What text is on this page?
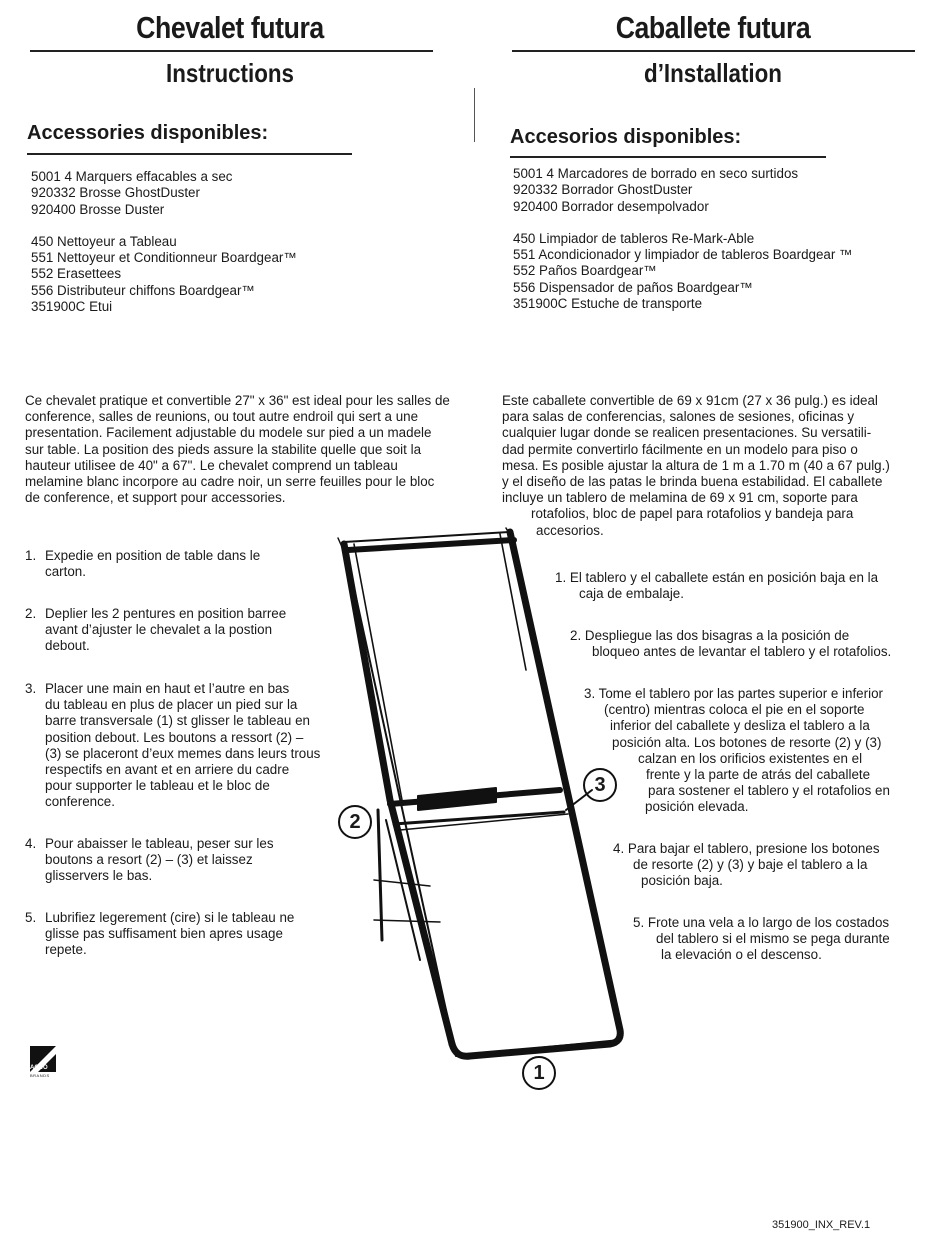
Chevalet futura
Instructions
Caballete futura
d’Installation
Accessories disponibles:
5001 4 Marquers effacables a sec
920332 Brosse GhostDuster
920400 Brosse Duster
450 Nettoyeur a Tableau
551 Nettoyeur et Conditionneur Boardgear™
552 Erasettees
556 Distributeur chiffons Boardgear™
351900C Etui
Accesorios disponibles:
5001 4 Marcadores de borrado en seco surtidos
920332 Borrador GhostDuster
920400 Borrador desempolvador
450 Limpiador de tableros Re-Mark-Able
551 Acondicionador y limpiador de tableros Boardgear ™
552 Paños Boardgear™
556 Dispensador de paños Boardgear™
351900C Estuche de transporte
Ce chevalet pratique et convertible 27" x 36" est ideal pour les salles de conference, salles de reunions, ou tout autre endroil qui sert a une presentation. Facilement adjustable du modele sur pied a un madele sur table. La position des pieds assure la stabilite quelle que soit la hauteur utilisee de 40" a 67". Le chevalet comprend un tableau melamine blanc incorpore au cadre noir, un serre feuilles pour le bloc de conference, et support pour accessories.
Este caballete convertible de 69 x 91cm (27 x 36 pulg.) es ideal
para salas de conferencias, salones de sesiones, oficinas y
cualquier lugar donde se realicen presentaciones. Su versatili-
dad permite convertirlo fácilmente en un modelo para piso o
mesa. Es posible ajustar la altura de 1 m a 1.70 m (40 a 67 pulg.)
y el diseño de las patas le brinda buena estabilidad. El caballete
incluye un tablero de melamina de 69 x 91 cm, soporte para
rotafolios, bloc de papel para rotafolios y bandeja para
accesorios.
1. Expedie en position de table dans le
carton.
2. Deplier les 2 pentures en position barree
avant d’ajuster le chevalet a la postion
debout.
3. Placer une main en haut et l’autre en bas
du tableau en plus de placer un pied sur la
barre transversale (1) st glisser le tableau en
position debout. Les boutons a ressort (2) –
(3) se placeront d’eux memes dans leurs trous
respectifs en avant et en arriere du cadre
pour supporter le tableau et le bloc de
conference.
4. Pour abaisser le tableau, peser sur les
boutons a resort (2) – (3) et laissez
glisservers le bas.
5. Lubrifiez legerement (cire) si le tableau ne
glisse pas suffisament bien apres usage
repete.
2
3
1
1. El tablero y el caballete están en posición baja en la
caja de embalaje.
2. Despliegue las dos bisagras a la posición de
bloqueo antes de levantar el tablero y el rotafolios.
3. Tome el tablero por las partes superior e inferior
(centro) mientras coloca el pie en el soporte
inferior del caballete y desliza el tablero a la
posición alta. Los botones de resorte (2) y (3)
calzan en los orificios existentes en el
frente y la parte de atrás del caballete
para sostener el tablero y el rotafolios en
posición elevada.
4. Para bajar el tablero, presione los botones
de resorte (2) y (3) y baje el tablero a la
posición baja.
5. Frote una vela a lo largo de los costados
del tablero si el mismo se pega durante
la elevación o el descenso.
ACCO
BRANDS
351900_INX_REV.1
